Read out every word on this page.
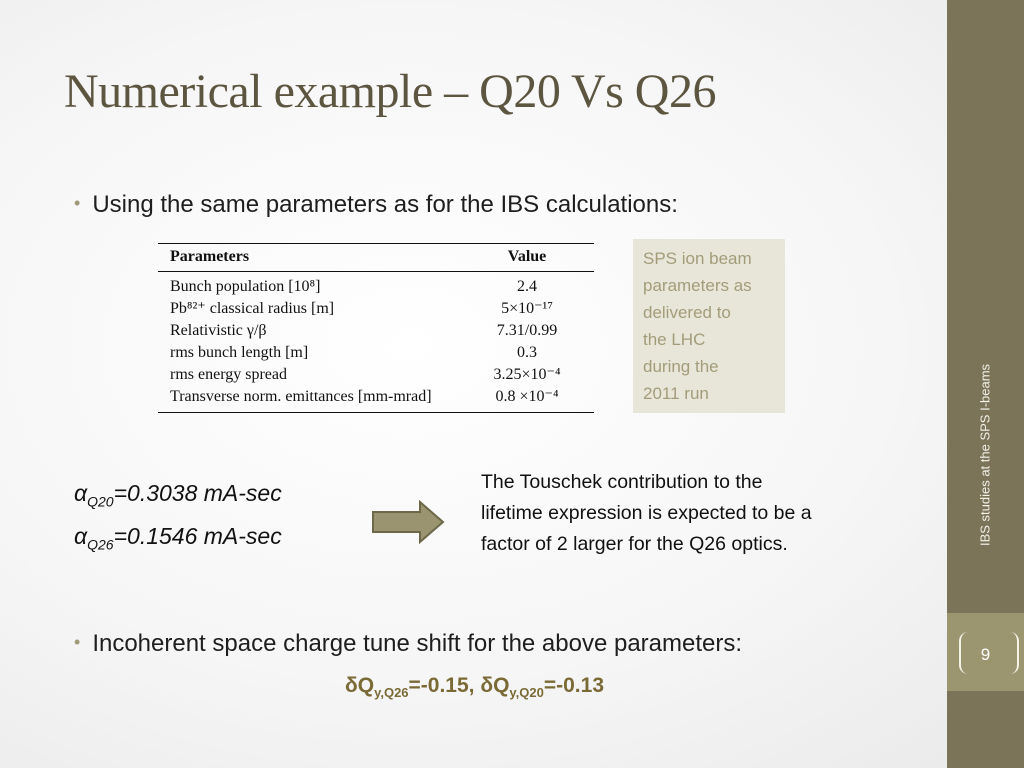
Numerical example – Q20 Vs Q26
• Using the same parameters as for the IBS calculations:
Parameters	Value
Bunch population [10⁸]	2.4
Pb⁸²⁺ classical radius [m]	5×10⁻¹⁷
Relativistic γ/β	7.31/0.99
rms bunch length [m]	0.3
rms energy spread	3.25×10⁻⁴
Transverse norm. emittances [mm-mrad]	0.8 ×10⁻⁴
SPS ion beam
parameters as
delivered to
the LHC
during the
2011 run
$\alpha_{Q20}=0.3038$ mA-sec
$\alpha_{Q26}=0.1546$ mA-sec
The Touschek contribution to the
lifetime expression is expected to be a
factor of 2 larger for the Q26 optics.
• Incoherent space charge tune shift for the above parameters:
$\delta Q_{y,Q26}=-0.15$, $\delta Q_{y,Q20}=-0.13$
IBS studies at the SPS I-beams
9
